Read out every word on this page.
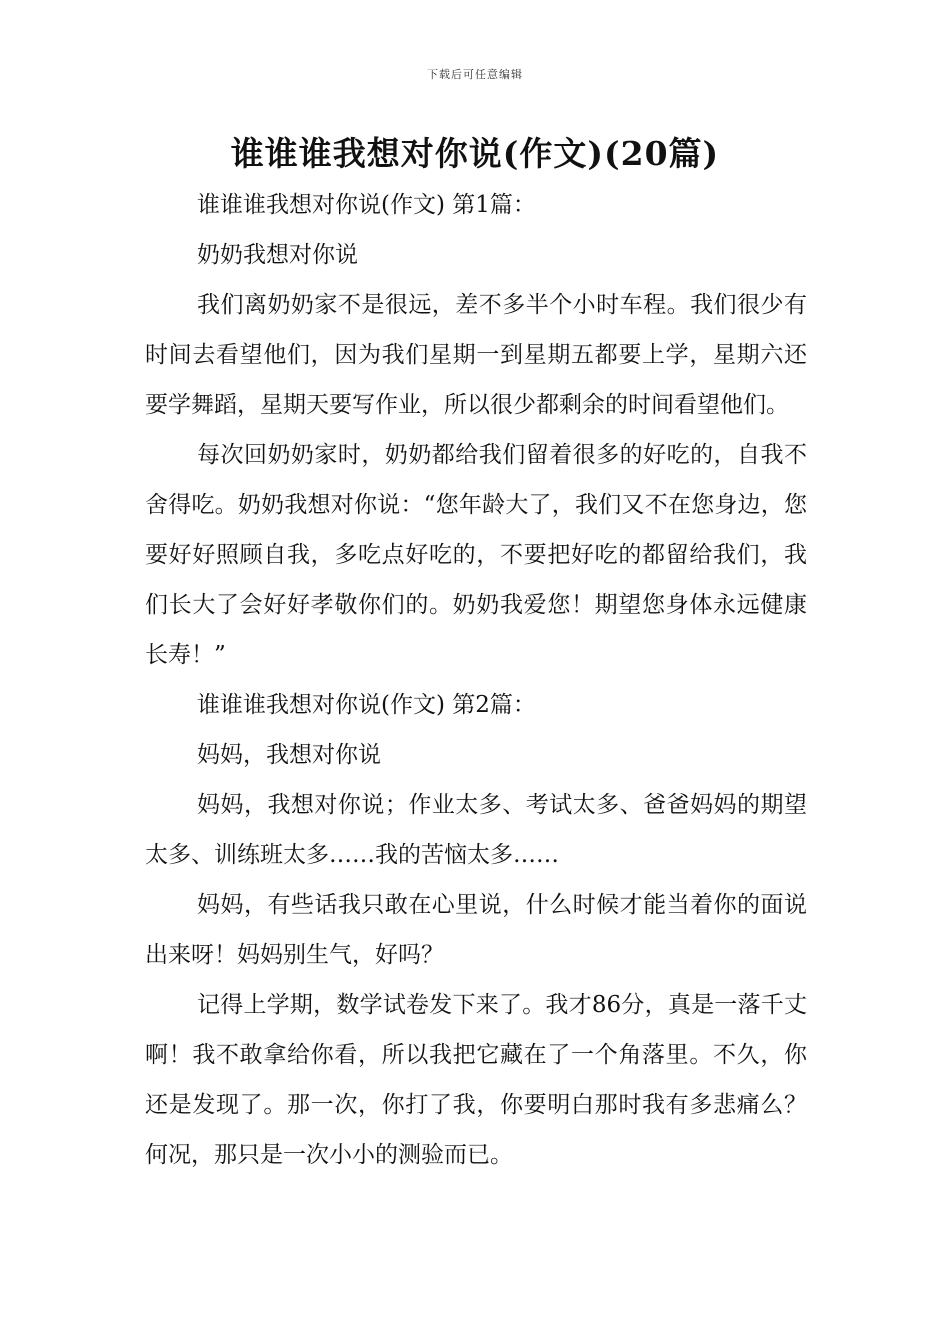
下载后可任意编辑
谁谁谁我想对你说(作文)(20篇)

谁谁谁我想对你说(作文) 第1篇：

奶奶我想对你说

我们离奶奶家不是很远，差不多半个小时车程。我们很少有时间去看望他们，因为我们星期一到星期五都要上学，星期六还要学舞蹈，星期天要写作业，所以很少都剩余的时间看望他们。

每次回奶奶家时，奶奶都给我们留着很多的好吃的，自我不舍得吃。奶奶我想对你说：“您年龄大了，我们又不在您身边，您要好好照顾自我，多吃点好吃的，不要把好吃的都留给我们，我们长大了会好好孝敬你们的。奶奶我爱您！期望您身体永远健康长寿！”

谁谁谁我想对你说(作文) 第2篇：

妈妈，我想对你说

妈妈，我想对你说；作业太多、考试太多、爸爸妈妈的期望太多、训练班太多……我的苦恼太多……

妈妈，有些话我只敢在心里说，什么时候才能当着你的面说出来呀！妈妈别生气，好吗？

记得上学期，数学试卷发下来了。我才86分，真是一落千丈啊！我不敢拿给你看，所以我把它藏在了一个角落里。不久，你还是发现了。那一次，你打了我，你要明白那时我有多悲痛么？何况，那只是一次小小的测验而已。
